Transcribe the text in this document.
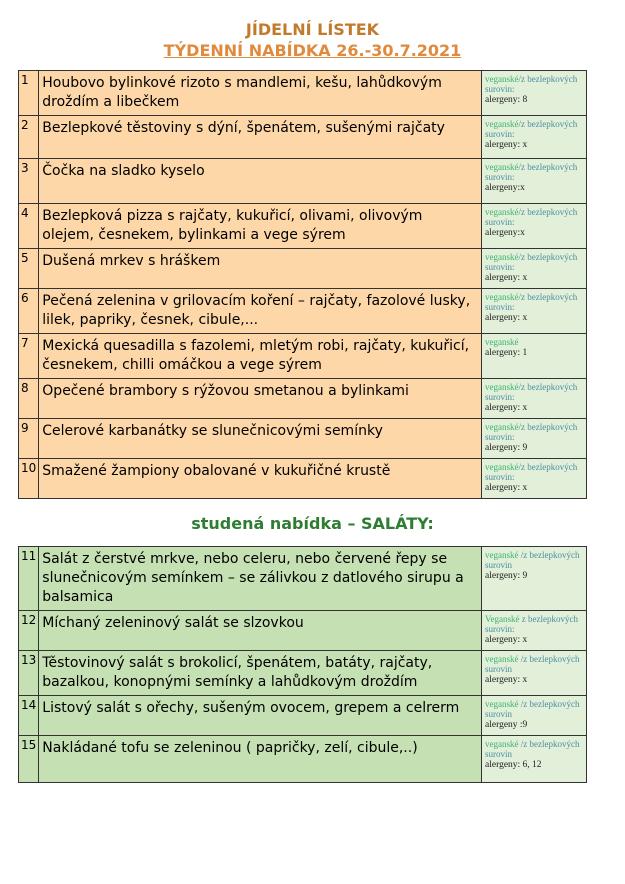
JÍDELNÍ LÍSTEK
TÝDENNÍ NABÍDKA 26.-30.7.2021
1	Houbovo bylinkové rizoto s mandlemi, kešu, lahůdkovým droždím a libečkem	veganské/z bezlepkových surovin:
alergeny: 8

2	Bezlepkové těstoviny s dýní, špenátem, sušenými rajčaty	veganské/z bezlepkových surovin:
alergeny: x

3	Čočka na sladko kyselo	veganské/z bezlepkových surovin:
alergeny:x

4	Bezlepková pizza s rajčaty, kukuřicí, olivami, olivovým olejem, česnekem, bylinkami a vege sýrem	veganské/z bezlepkových surovin:
alergeny:x

5	Dušená mrkev s hráškem	veganské/z bezlepkových surovin:
alergeny: x

6	Pečená zelenina v grilovacím koření – rajčaty, fazolové lusky, lilek, papriky, česnek, cibule,...	veganské/z bezlepkových surovin:
alergeny: x

7	Mexická quesadilla s fazolemi, mletým robi, rajčaty, kukuřicí, česnekem, chilli omáčkou a vege sýrem	veganské
alergeny: 1

8	Opečené brambory s rýžovou smetanou a bylinkami	veganské/z bezlepkových surovin:
alergeny: x

9	Celerové karbanátky se slunečnicovými semínky	veganské/z bezlepkových surovin:
alergeny: 9

10	Smažené žampiony obalované v kukuřičné krustě	veganské/z bezlepkových surovin:
alergeny: x
studená nabídka – SALÁTY:
11	Salát z čerstvé mrkve, nebo celeru, nebo červené řepy se slunečnicovým semínkem – se zálivkou z datlového sirupu a balsamica	veganské /z bezlepkových surovin
alergeny: 9

12	Míchaný zeleninový salát se slzovkou	Veganské z bezlepkových surovin:
alergeny: x

13	Těstovinový salát s brokolicí, špenátem, batáty, rajčaty, bazalkou, konopnými semínky a lahůdkovým droždím	veganské /z bezlepkových surovin
alergeny: x

14	Listový salát s ořechy, sušeným ovocem, grepem a celrerm	veganské /z bezlepkových surovin
alergeny :9

15	Nakládané tofu se zeleninou ( papričky, zelí, cibule,..)	veganské /z bezlepkových surovin
alergeny: 6, 12
